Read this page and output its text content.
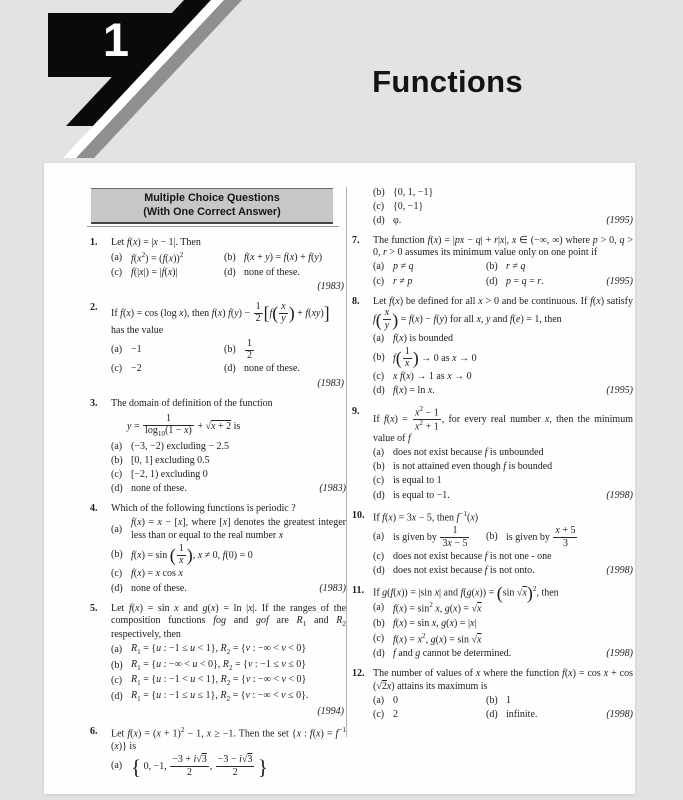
1
Functions
Multiple Choice Questions
(With One Correct Answer)
1.	Let f(x) = |x − 1|. Then
(a) $f(x^2) = (f(x))^2$	(b) f(x + y) = f(x) + f(y)
(c) f(|x|) = |f(x)|	(d) none of these.
(1983)
2.
If f(x) = cos (log x), then f(x) $f(y) - \frac{1}{2} [f( \frac{x}{y}$ ) + f(xy)]
has the value
(a) −1	$(b) \frac{1}{2}$
(c) −2	(d) none of these.
(1983)
3.	The domain of definition of the function
$y = \frac{1}{\log_{10}(1 - x)} + √x + 2$ is
(a) (−3, −2) excluding − 2.5
(b) [0, 1] excluding 0.5
(c) [−2, 1) excluding 0
(d) none of these.	(1983)
4.	Which of the following functions is periodic ?
(a)
f(x) = x − [x], where [x] denotes the greatest integer less than or equal to the real number x
(b) f(x) = sin ( $\frac{1}{x}$ ), x ≠ 0, f(0) = 0
(c) f(x) = x cos x
(d) none of these.	(1983)
5.	Let f(x) = sin x and g(x) = ln |x|. If the ranges of the composition functions fog and gof are $R_1$ and $R_2$ respectively, then
(a) $R_1 = \{u$ : −1 ≤ u < 1}, $R_2 = \{v$ : −∞ < v < 0}
(b) $R_1 = \{u$ : −∞ < u < 0}, $R_2 = \{v$ : −1 ≤ v ≤ 0}
(c) $R_1 = \{u$ : −1 < u < 1}, $R_2 = \{v$ : −∞ < v < 0}
(d) $R_1 = \{u$ : −1 ≤ u ≤ 1}, $R_2 = \{v$ : −∞ < v ≤ 0}.
(1994)
6.	Let $f(x) = (x + 1)^2 - 1$, x ≥ −1. Then the set {x : $f(x) = f^{-1}$ (x)} is
(a) { 0, −1, $\frac{-3 + i√3}{2}$ , $\frac{-3 - i√3}{2}$ }
(b) {0, 1, −1}
(c) {0, −1}
(d) φ.	(1995)
7.	The function f(x) = |px − q| + r|x|, x ∈ (−∞, ∞) where p > 0, q > 0, r > 0 assumes its minimum value only on one point if
(a) p ≠ q	(b) r ≠ q
(c) r ≠ p	(d) p = q = r.	(1995)
8.	Let f(x) be defined for all x > 0 and be continuous. If f(x) satisfy $f( \frac{x}{y}$ ) = f(x) − f(y) for all x, y and f(e) = 1, then
(a) f(x) is bounded
(b) $f( \frac{1}{x}$ ) → 0 as x → 0
(c) x f(x) → 1 as x → 0
(d) f(x) = ln x.	(1995)
9.
If $f(x) = \frac{x^2 - 1}{x^2 + 1}$ , for every real number x, then the minimum value of f
(a) does not exist because f is unbounded
(b) is not attained even though f is bounded
(c) is equal to 1
(d) is equal to −1.	(1998)
10. If f(x) = 3x − 5, then $f^{-1}(x)$
(a) is given by $\frac{1}{3x - 5} (b)$ is given by $\frac{x + 5}{3}$
(c) does not exist because f is not one - one
(d) does not exist because f is not onto.	(1998)
11. If g(f(x)) = |sin x| and f(g(x)) = (sin √x)$^2$, then
(a) $f(x) = \sin^2 x$, g(x) = √x
(b) f(x) = sin x, g(x) = |x|
(c) $f(x) = x^2$, g(x) = sin √x
(d) f and g cannot be determined.	(1998)
12. The number of values of x where the function f(x) = cos x + cos (√2x) attains its maximum is
(a) 0	(b) 1
(c) 2	(d) infinite.	(1998)
